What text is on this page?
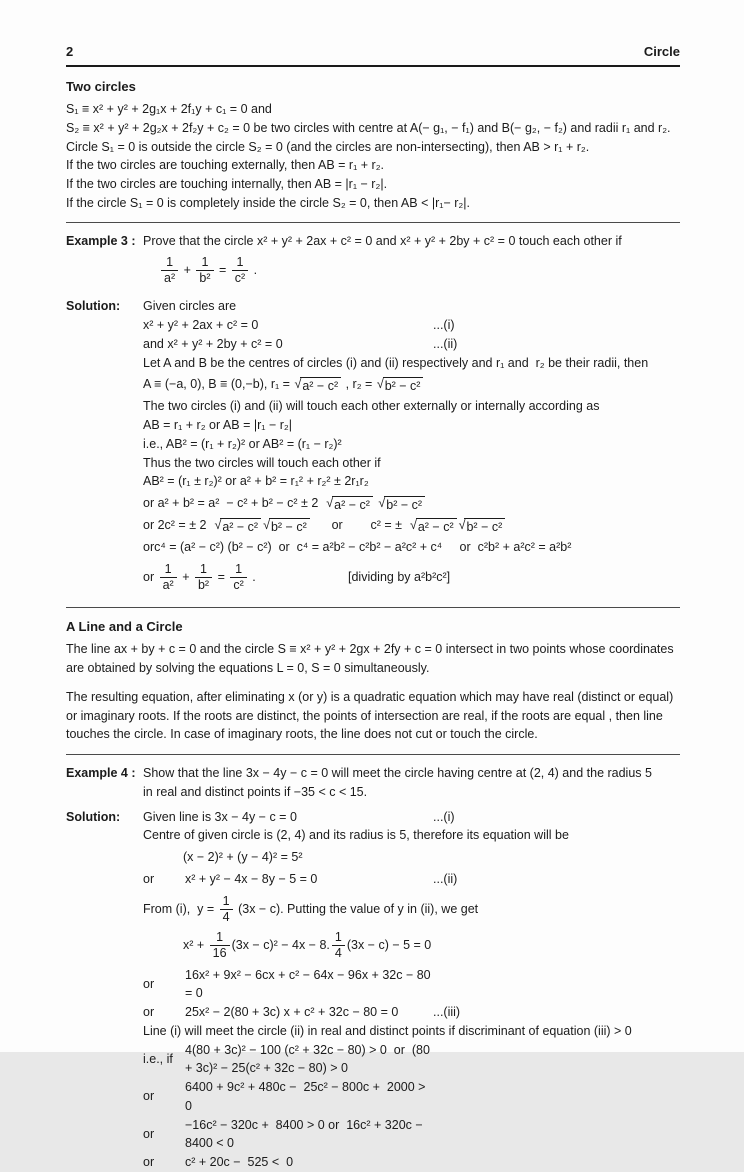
2	Circle
Two circles

S₁ ≡ x² + y² + 2g₁x + 2f₁y + c₁ = 0 and

S₂ ≡ x² + y² + 2g₂x + 2f₂y + c₂ = 0 be two circles with centre at A(− g₁, − f₁) and B(− g₂, − f₂) and radii r₁ and r₂.

Circle S₁ = 0 is outside the circle S₂ = 0 (and the circles are non-intersecting), then AB > r₁ + r₂.

If the two circles are touching externally, then AB = r₁ + r₂.

If the two circles are touching internally, then AB = |r₁ − r₂|.

If the circle S₁ = 0 is completely inside the circle S₂ = 0, then AB < |r₁− r₂|.

Example 3 : Prove that the circle x² + y² + 2ax + c² = 0 and x² + y² + 2by + c² = 0 touch each other if

$\frac{1}{\text{a²}} + \frac{1}{\text{b²}} = \frac{1}{\text{c²}}$ .

Solution:	Given circles are

x² + y² + 2ax + c² = 0	...(i)
and x² + y² + 2by + c² = 0	...(ii)

Let A and B be the centres of circles (i) and (ii) respectively and r₁ and  r₂ be their radii, then

A ≡ (−a, 0), B ≡ (0,−b), r₁ = √ a² − c² , r₂ = √ b² − c²

The two circles (i) and (ii) will touch each other externally or internally according as

AB = r₁ + r₂ or AB = |r₁ − r₂|

i.e., AB² = (r₁ + r₂)² or AB² = (r₁ − r₂)²

Thus the two circles will touch each other if

AB² = (r₁ ± r₂)² or a² + b² = r₁² + r₂² ± 2r₁r₂

or a² + b² = a²  − c² + b² − c² ± 2 √ a² − c²
√ b² − c²

or 2c² = ± 2 √ a² − c² √ b² − c² or        c² = ± √ a² − c² √ b² − c²

orc⁴ = (a² − c²) (b² − c²)  or  c⁴ = a²b² − c²b² − a²c² + c⁴     or  c²b² + a²c² = a²b²

or $\frac{1}{\text{a²}} + \frac{1}{\text{b²}} = \frac{1}{\text{c²}}$ .	[dividing by a²b²c²]
A Line and a Circle

The line ax + by + c = 0 and the circle S ≡ x² + y² + 2gx + 2fy + c = 0 intersect in two points whose coordinates are obtained by solving the equations L = 0, S = 0 simultaneously.

The resulting equation, after eliminating x (or y) is a quadratic equation which may have real (distinct or equal) or imaginary roots. If the roots are distinct, the points of intersection are real, if the roots are equal , then line touches the circle. In case of imaginary roots, the line does not cut or touch the circle.

Example 4 : Show that the line 3x − 4y − c = 0 will meet the circle having centre at (2, 4) and the radius 5

in real and distinct points if −35 < c < 15.

Solution:	Given line is 3x − 4y − c = 0	...(i)

Centre of given circle is (2, 4) and its radius is 5, therefore its equation will be

(x − 2)² + (y − 4)² = 5²

or	x² + y² − 4x − 8y − 5 = 0	...(ii)

From (i),  $y = \frac{1}{4} (3x - c)$. Putting the value of y in (ii), we get

$x^2 + \frac{1}{16} (3x - c)^2 - 4x - 8$. $\frac{1}{4} (3x - c) - 5 = 0$

or
16x² + 9x² − 6cx + c² − 64x − 96x + 32c − 80 = 0
or	25x² − 2(80 + 3c) x + c² + 32c − 80 = 0	...(iii)

Line (i) will meet the circle (ii) in real and distinct points if discriminant of equation (iii) > 0

i.e., if
4(80 + 3c)² − 100 (c² + 32c − 80) > 0  or  (80 + 3c)² − 25(c² + 32c − 80) > 0
or
6400 + 9c² + 480c −  25c² − 800c +  2000 > 0
or
−16c² − 320c +  8400 > 0 or  16c² + 320c −  8400 < 0
or	c² + 20c −  525 <  0
